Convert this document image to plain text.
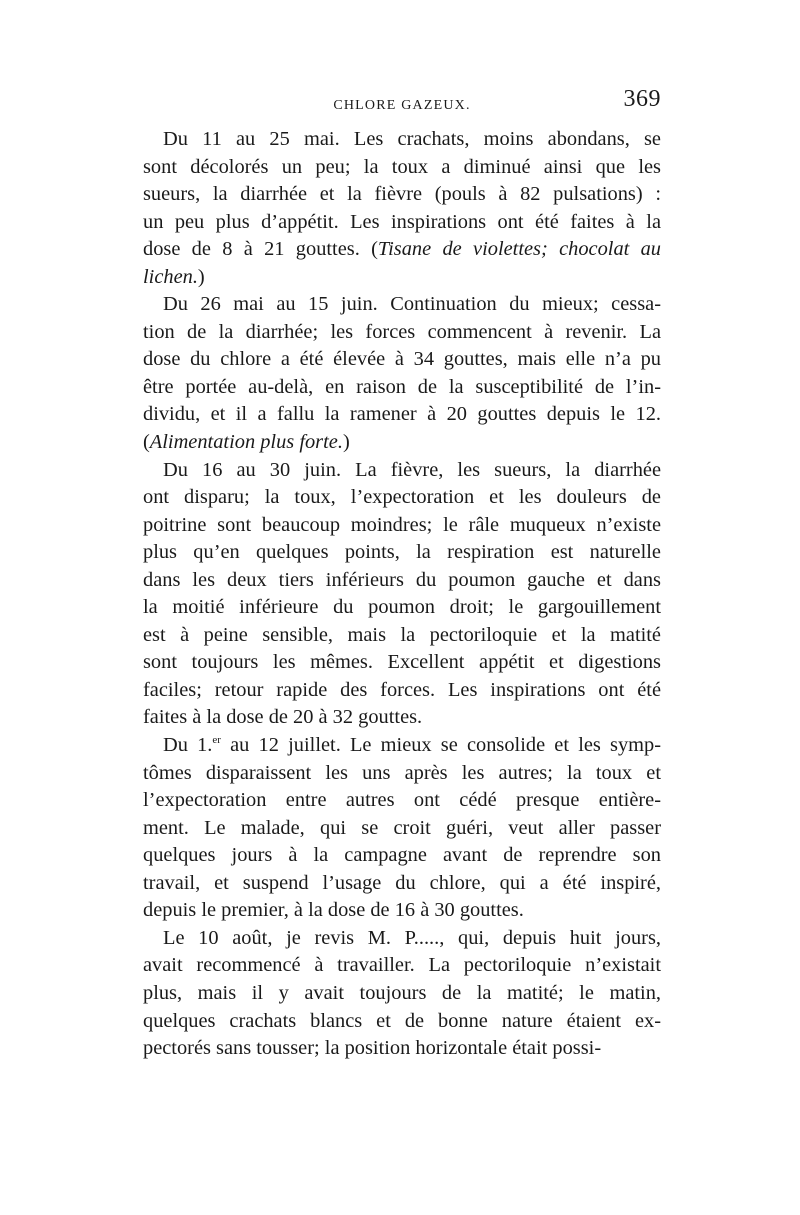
CHLORE GAZEUX.	369
Du 11 au 25 mai. Les crachats, moins abondans, se
sont décolorés un peu; la toux a diminué ainsi que les
sueurs, la diarrhée et la fièvre (pouls à 82 pulsations) :
un peu plus d’appétit. Les inspirations ont été faites à la
dose de 8 à 21 gouttes. (Tisane de violettes; chocolat au
lichen.)
Du 26 mai au 15 juin. Continuation du mieux; cessa-
tion de la diarrhée; les forces commencent à revenir. La
dose du chlore a été élevée à 34 gouttes, mais elle n’a pu
être portée au-delà, en raison de la susceptibilité de l’in-
dividu, et il a fallu la ramener à 20 gouttes depuis le 12.
(Alimentation plus forte.)
Du 16 au 30 juin. La fièvre, les sueurs, la diarrhée
ont disparu; la toux, l’expectoration et les douleurs de
poitrine sont beaucoup moindres; le râle muqueux n’existe
plus qu’en quelques points, la respiration est naturelle
dans les deux tiers inférieurs du poumon gauche et dans
la moitié inférieure du poumon droit; le gargouillement
est à peine sensible, mais la pectoriloquie et la matité
sont toujours les mêmes. Excellent appétit et digestions
faciles; retour rapide des forces. Les inspirations ont été
faites à la dose de 20 à 32 gouttes.
Du 1.$^{er}$ au 12 juillet. Le mieux se consolide et les symp-
tômes disparaissent les uns après les autres; la toux et
l’expectoration entre autres ont cédé presque entière-
ment. Le malade, qui se croit guéri, veut aller passer
quelques jours à la campagne avant de reprendre son
travail, et suspend l’usage du chlore, qui a été inspiré,
depuis le premier, à la dose de 16 à 30 gouttes.
Le 10 août, je revis M. P....., qui, depuis huit jours,
avait recommencé à travailler. La pectoriloquie n’existait
plus, mais il y avait toujours de la matité; le matin,
quelques crachats blancs et de bonne nature étaient ex-
pectorés sans tousser; la position horizontale était possi-
